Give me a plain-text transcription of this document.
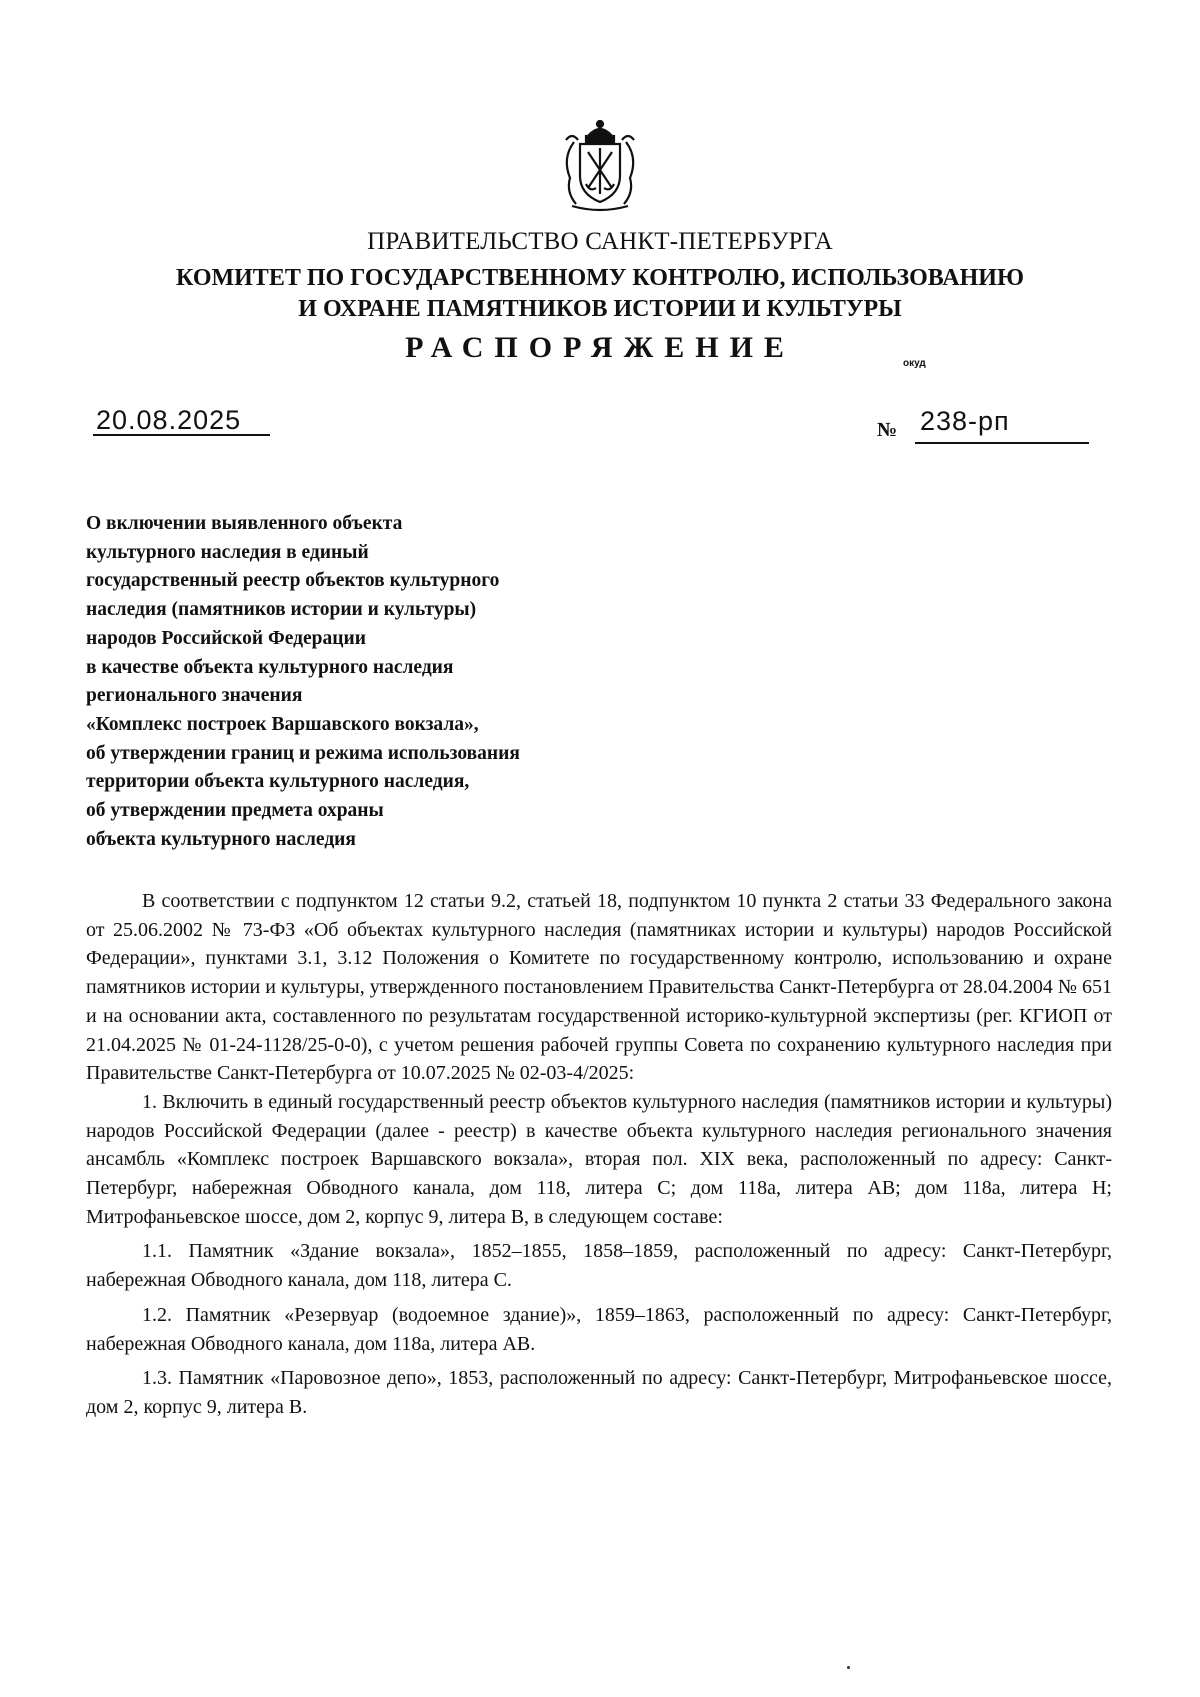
ПРАВИТЕЛЬСТВО САНКТ-ПЕТЕРБУРГА
КОМИТЕТ ПО ГОСУДАРСТВЕННОМУ КОНТРОЛЮ, ИСПОЛЬЗОВАНИЮ
И ОХРАНЕ ПАМЯТНИКОВ ИСТОРИИ И КУЛЬТУРЫ
РАСПОРЯЖЕНИЕ	окуд
20.08.2025	№ 238-рп
О включении выявленного объекта
культурного наследия в единый
государственный реестр объектов культурного
наследия (памятников истории и культуры)
народов Российской Федерации
в качестве объекта культурного наследия
регионального значения
«Комплекс построек Варшавского вокзала»,
об утверждении границ и режима использования
территории объекта культурного наследия,
об утверждении предмета охраны
объекта культурного наследия

В соответствии с подпунктом 12 статьи 9.2, статьей 18, подпунктом 10 пункта 2 статьи 33 Федерального закона от 25.06.2002 № 73-ФЗ «Об объектах культурного наследия (памятниках истории и культуры) народов Российской Федерации», пунктами 3.1, 3.12 Положения о Комитете по государственному контролю, использованию и охране памятников истории и культуры, утвержденного постановлением Правительства Санкт-Петербурга от 28.04.2004 № 651 и на основании акта, составленного по результатам государственной историко-культурной экспертизы (рег. КГИОП от 21.04.2025 № 01-24-1128/25-0-0), с учетом решения рабочей группы Совета по сохранению культурного наследия при Правительстве Санкт-Петербурга от 10.07.2025 № 02-03-4/2025:

1. Включить в единый государственный реестр объектов культурного наследия (памятников истории и культуры) народов Российской Федерации (далее - реестр) в качестве объекта культурного наследия регионального значения ансамбль «Комплекс построек Варшавского вокзала», вторая пол. XIX века, расположенный по адресу: Санкт-Петербург, набережная Обводного канала, дом 118, литера С; дом 118а, литера АВ; дом 118а, литера Н; Митрофаньевское шоссе, дом 2, корпус 9, литера В, в следующем составе:

1.1. Памятник «Здание вокзала», 1852–1855, 1858–1859, расположенный по адресу: Санкт-Петербург, набережная Обводного канала, дом 118, литера С.

1.2. Памятник «Резервуар (водоемное здание)», 1859–1863, расположенный по адресу: Санкт-Петербург, набережная Обводного канала, дом 118а, литера АВ.

1.3. Памятник «Паровозное депо», 1853, расположенный по адресу: Санкт-Петербург, Митрофаньевское шоссе, дом 2, корпус 9, литера В.
